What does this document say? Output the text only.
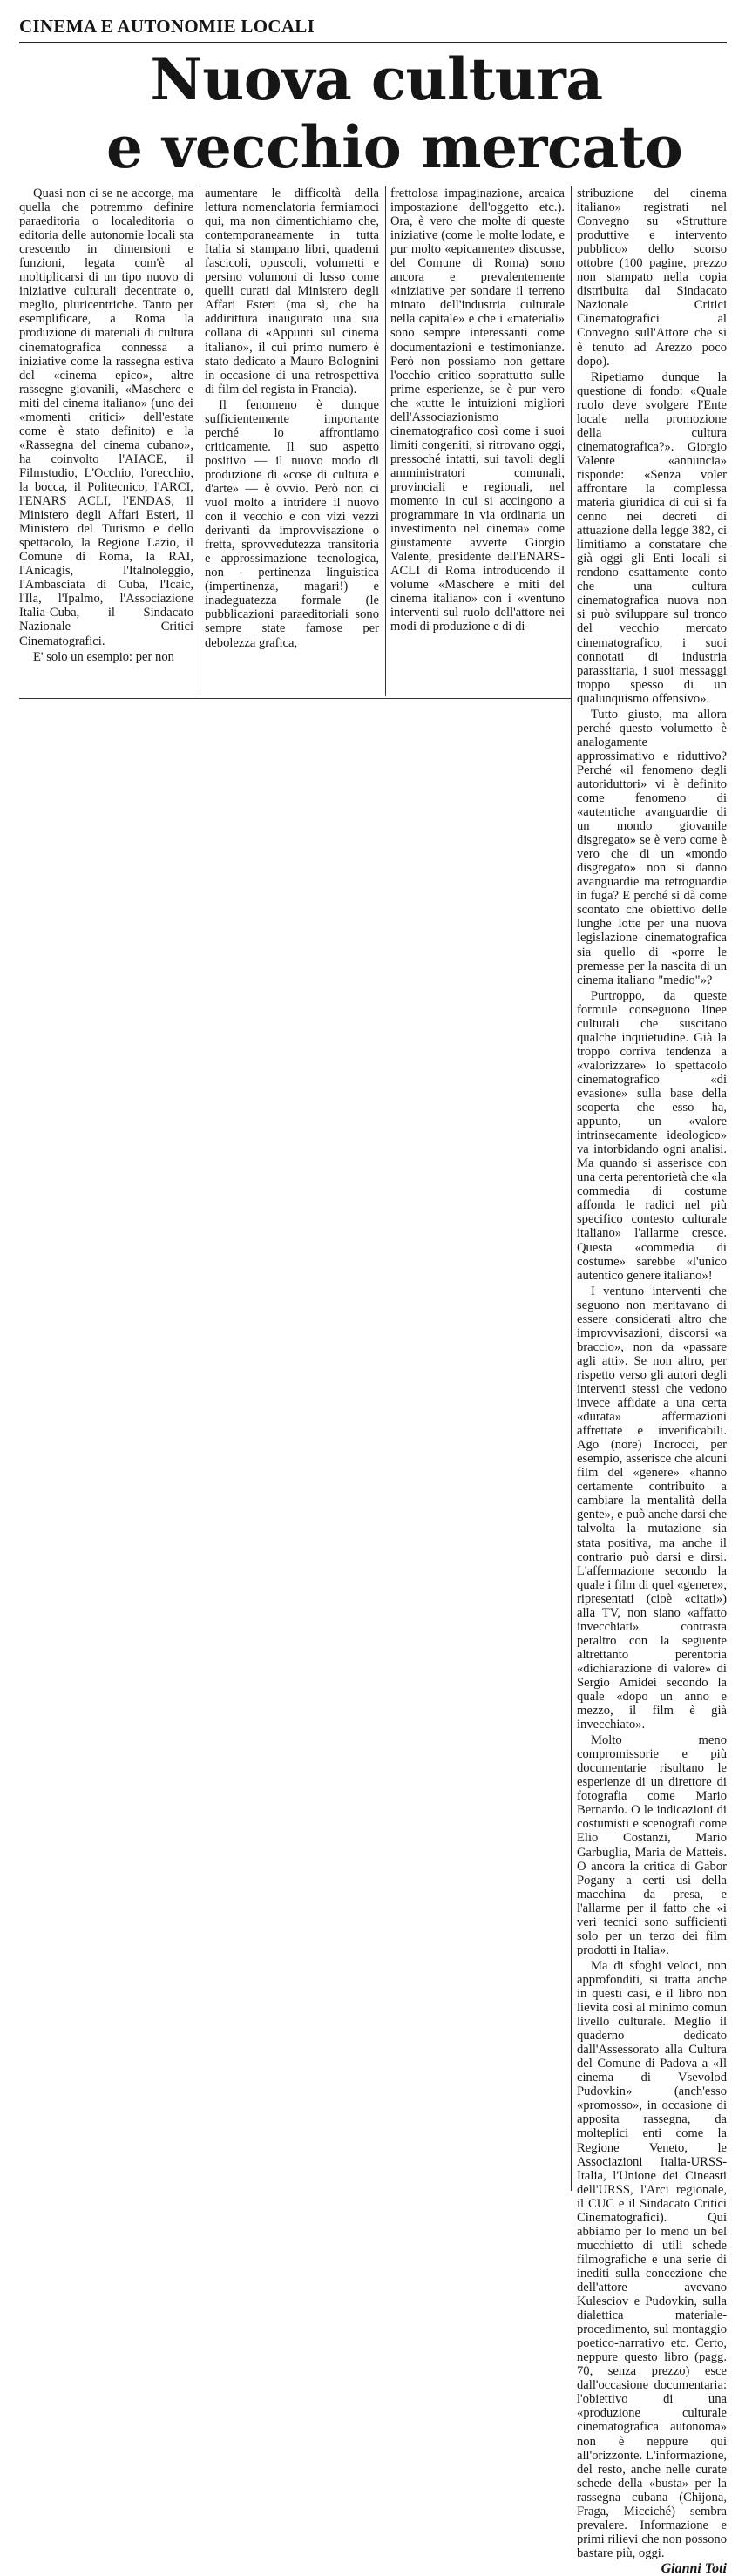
CINEMA E AUTONOMIE LOCALI
Nuova cultura
e vecchio mercato

Quasi non ci se ne accorge, ma quella che potremmo definire paraeditoria o localeditoria o editoria delle autonomie locali sta crescendo in dimensioni e funzioni, legata com'è al moltiplicarsi di un tipo nuovo di iniziative culturali decentrate o, meglio, pluricentriche. Tanto per esemplificare, a Roma la produzione di materiali di cultura cinematografica connessa a iniziative come la rassegna estiva del «cinema epico», altre rassegne giovanili, «Maschere e miti del cinema italiano» (uno dei «momenti critici» dell'estate come è stato definito) e la «Rassegna del cinema cubano», ha coinvolto l'AIACE, il Filmstudio, L'Occhio, l'orecchio, la bocca, il Politecnico, l'ARCI, l'ENARS ACLI, l'ENDAS, il Ministero degli Affari Esteri, il Ministero del Turismo e dello spettacolo, la Regione Lazio, il Comune di Roma, la RAI, l'Anicagis, l'Italnoleggio, l'Ambasciata di Cuba, l'Icaic, l'Ila, l'Ipalmo, l'Associazione Italia-Cuba, il Sindacato Nazionale Critici Cinematografici.

E' solo un esempio: per non

aumentare le difficoltà della lettura nomenclatoria fermiamoci qui, ma non dimentichiamo che, contemporaneamente in tutta Italia si stampano libri, quaderni fascicoli, opuscoli, volumetti e persino volumoni di lusso come quelli curati dal Ministero degli Affari Esteri (ma sì, che ha addirittura inaugurato una sua collana di «Appunti sul cinema italiano», il cui primo numero è stato dedicato a Mauro Bolognini in occasione di una retrospettiva di film del regista in Francia).

Il fenomeno è dunque sufficientemente importante perché lo affrontiamo criticamente. Il suo aspetto positivo — il nuovo modo di produzione di «cose di cultura e d'arte» — è ovvio. Però non ci vuol molto a intridere il nuovo con il vecchio e con vizi vezzi derivanti da improvvisazione o fretta, sprovvedutezza transitoria e approssimazione tecnologica, non - pertinenza linguistica (impertinenza, magari!) e inadeguatezza formale (le pubblicazioni paraeditoriali sono sempre state famose per debolezza grafica,

frettolosa impaginazione, arcaica impostazione dell'oggetto etc.). Ora, è vero che molte di queste iniziative (come le molte lodate, e pur molto «epicamente» discusse, del Comune di Roma) sono ancora e prevalentemente «iniziative per sondare il terreno minato dell'industria culturale nella capitale» e che i «materiali» sono sempre interessanti come documentazioni e testimonianze. Però non possiamo non gettare l'occhio critico soprattutto sulle prime esperienze, se è pur vero che «tutte le intuizioni migliori dell'Associazionismo cinematografico così come i suoi limiti congeniti, si ritrovano oggi, pressoché intatti, sui tavoli degli amministratori comunali, provinciali e regionali, nel momento in cui si accingono a programmare in via ordinaria un investimento nel cinema» come giustamente avverte Giorgio Valente, presidente dell'ENARS-ACLI di Roma introducendo il volume «Maschere e miti del cinema italiano» con i «ventuno interventi sul ruolo dell'attore nei modi di produzione e di di-

stribuzione del cinema italiano» registrati nel Convegno su «Strutture produttive e intervento pubblico» dello scorso ottobre (100 pagine, prezzo non stampato nella copia distribuita dal Sindacato Nazionale Critici Cinematografici al Convegno sull'Attore che si è tenuto ad Arezzo poco dopo).

Ripetiamo dunque la questione di fondo: «Quale ruolo deve svolgere l'Ente locale nella promozione della cultura cinematografica?». Giorgio Valente «annuncia» risponde: «Senza voler affrontare la complessa materia giuridica di cui si fa cenno nei decreti di attuazione della legge 382, ci limitiamo a constatare che già oggi gli Enti locali si rendono esattamente conto che una cultura cinematografica nuova non si può sviluppare sul tronco del vecchio mercato cinematografico, i suoi connotati di industria parassitaria, i suoi messaggi troppo spesso di un qualunquismo offensivo».

Tutto giusto, ma allora perché questo volumetto è analogamente approssimativo e riduttivo? Perché «il fenomeno degli autoriduttori» vi è definito come fenomeno di «autentiche avanguardie di un mondo giovanile disgregato» se è vero come è vero che di un «mondo disgregato» non si danno avanguardie ma retroguardie in fuga? E perché si dà come scontato che obiettivo delle lunghe lotte per una nuova legislazione cinematografica sia quello di «porre le premesse per la nascita di un cinema italiano "medio"»?

Purtroppo, da queste formule conseguono linee culturali che suscitano qualche inquietudine. Già la troppo corriva tendenza a «valorizzare» lo spettacolo cinematografico «di evasione» sulla base della scoperta che esso ha, appunto, un «valore intrinsecamente ideologico» va intorbidando ogni analisi. Ma quando si asserisce con una certa perentorietà che «la commedia di costume affonda le radici nel più specifico contesto culturale italiano» l'allarme cresce. Questa «commedia di costume» sarebbe «l'unico autentico genere italiano»!

I ventuno interventi che seguono non meritavano di essere considerati altro che improvvisazioni, discorsi «a braccio», non da «passare agli atti». Se non altro, per rispetto verso gli autori degli interventi stessi che vedono invece affidate a una certa «durata» affermazioni affrettate e inverificabili. Ago (nore) Incrocci, per esempio, asserisce che alcuni film del «genere» «hanno certamente contribuito a cambiare la mentalità della gente», e può anche darsi che talvolta la mutazione sia stata positiva, ma anche il contrario può darsi e dirsi. L'affermazione secondo la quale i film di quel «genere», ripresentati (cioè «citati») alla TV, non siano «affatto invecchiati» contrasta peraltro con la seguente altrettanto perentoria «dichiarazione di valore» di Sergio Amidei secondo la quale «dopo un anno e mezzo, il film è già invecchiato».

Molto meno compromissorie e più documentarie risultano le esperienze di un direttore di fotografia come Mario Bernardo. O le indicazioni di costumisti e scenografi come Elio Costanzi, Mario Garbuglia, Maria de Matteis. O ancora la critica di Gabor Pogany a certi usi della macchina da presa, e l'allarme per il fatto che «i veri tecnici sono sufficienti solo per un terzo dei film prodotti in Italia».

Ma di sfoghi veloci, non approfonditi, si tratta anche in questi casi, e il libro non lievita così al minimo comun livello culturale. Meglio il quaderno dedicato dall'Assessorato alla Cultura del Comune di Padova a «Il cinema di Vsevolod Pudovkin» (anch'esso «promosso», in occasione di apposita rassegna, da molteplici enti come la Regione Veneto, le Associazioni Italia-URSS-Italia, l'Unione dei Cineasti dell'URSS, l'Arci regionale, il CUC e il Sindacato Critici Cinematografici). Qui abbiamo per lo meno un bel mucchietto di utili schede filmografiche e una serie di inediti sulla concezione che dell'attore avevano Kulesciov e Pudovkin, sulla dialettica materiale-procedimento, sul montaggio poetico-narrativo etc. Certo, neppure questo libro (pagg. 70, senza prezzo) esce dall'occasione documentaria: l'obiettivo di una «produzione culturale cinematografica autonoma» non è neppure qui all'orizzonte. L'informazione, del resto, anche nelle curate schede della «busta» per la rassegna cubana (Chijona, Fraga, Micciché) sembra prevalere. Informazione e primi rilievi che non possono bastare più, oggi.

Gianni Toti
